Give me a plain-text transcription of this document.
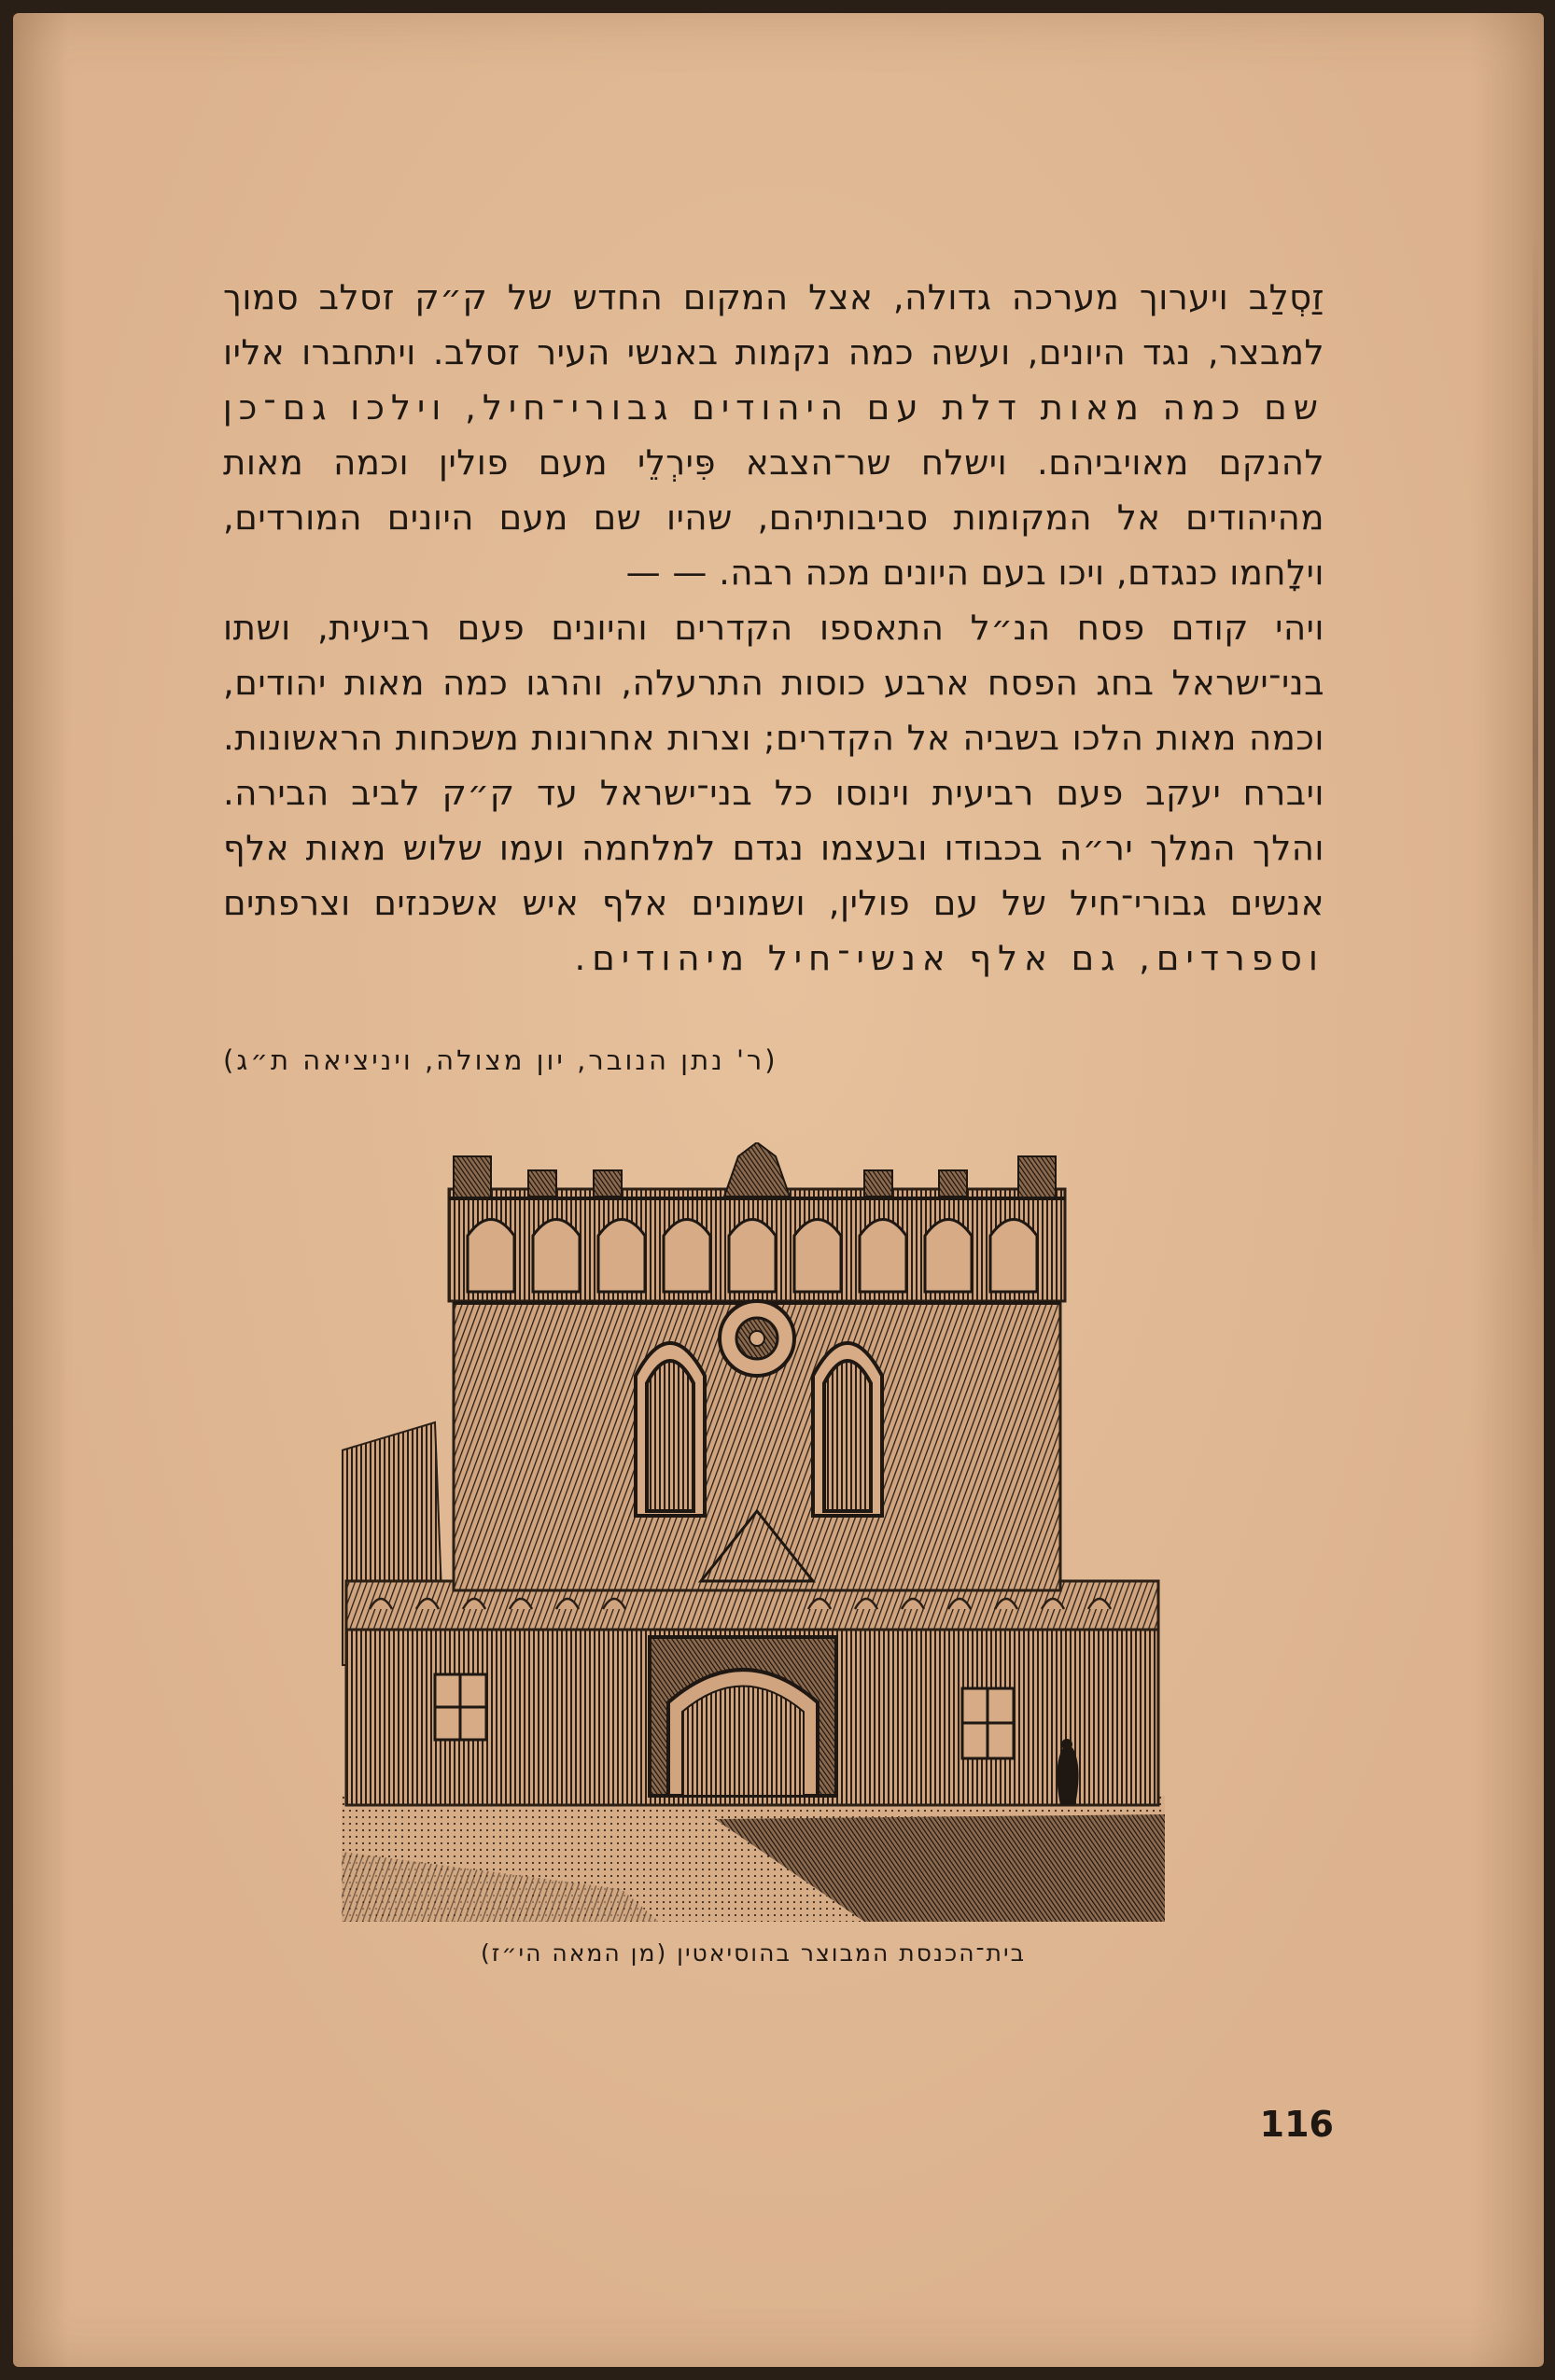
זַסְלַב ויערוך מערכה גדולה, אצל המקום החדש של ק״ק זסלב סמוך
למבצר, נגד היונים, ועשה כמה נקמות באנשי העיר זסלב. ויתחברו אליו
שם כמה מאות דלת עם היהודים גבורי־חיל, וילכו גם־כן
להנקם מאויביהם. וישלח שר־הצבא פִּירְלֵי מעם פולין וכמה מאות
מהיהודים אל המקומות סביבותיהם, שהיו שם מעם היונים המורדים,
וילָחמו כנגדם, ויכו בעם היונים מכה רבה. — —
ויהי קודם פסח הנ״ל התאספו הקדרים והיונים פעם רביעית, ושתו
בני־ישראל בחג הפסח ארבע כוסות התרעלה, והרגו כמה מאות יהודים,
וכמה מאות הלכו בשביה אל הקדרים; וצרות אחרונות משכחות הראשונות.
ויברח יעקב פעם רביעית וינוסו כל בני־ישראל עד ק״ק לביב הבירה.
והלך המלך יר״ה בכבודו ובעצמו נגדם למלחמה ועמו שלוש מאות אלף
אנשים גבורי־חיל של עם פולין, ושמונים אלף איש אשכנזים וצרפתים
וספרדים, גם אלף אנשי־חיל מיהודים.
(ר' נתן הנובר, יון מצולה, ויניציאה ת״ג)
בית־הכנסת המבוצר בהוסיאטין (מן המאה הי״ז)
116
